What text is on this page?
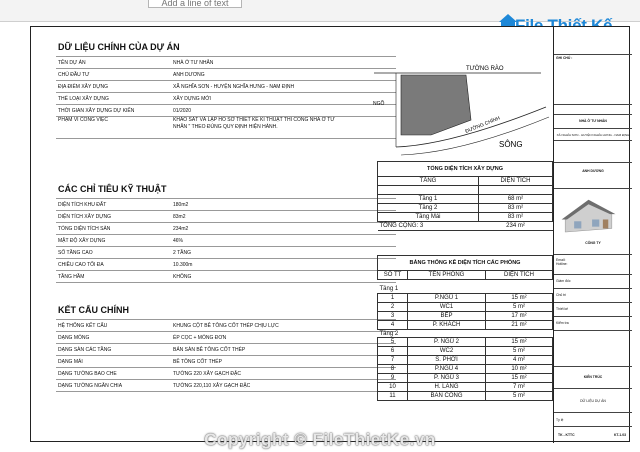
Add a line of text
DỮ LIỆU CHÍNH CỦA DỰ ÁN
TÊN DỰ ÁN	NHÀ Ở TƯ NHÂN
CHỦ ĐẦU TƯ	ANH DƯƠNG
ĐỊA ĐIỂM XÂY DỰNG	XÃ NGHĨA SƠN - HUYỆN NGHĨA HƯNG - NAM ĐỊNH
THỂ LOẠI XÂY DỰNG	XÂY DỰNG MỚI
THỜI GIAN XÂY DỰNG DỰ KIẾN	01/2020
PHẠM VI CÔNG VIỆC	KHẢO SÁT VÀ LẬP HỒ SƠ THIẾT KẾ KĨ THUẬT THI CÔNG NHÀ Ở TƯ
NHÂN " THEO ĐÚNG QUY ĐỊNH HIỆN HÀNH.
CÁC CHỈ TIÊU KỸ THUẬT
DIỆN TÍCH KHU ĐẤT	180m2
DIỆN TÍCH XÂY DỰNG	83m2
TỔNG DIỆN TÍCH SÀN	234m2
MẬT ĐỘ XÂY DỰNG	46%
SỐ TẦNG CAO	2 TẦNG
CHIỀU CAO TỐI ĐA	10.300m
TẦNG HẦM	KHÔNG
KẾT CẤU CHÍNH
HỆ THỐNG KẾT CẤU	KHUNG CỘT BÊ TÔNG CỐT THÉP CHỊU LỰC
DẠNG MÓNG	ÉP CỌC + MÓNG ĐƠN
DẠNG SÀN CÁC TẦNG	BẢN SÀN BÊ TÔNG CỐT THÉP
DẠNG MÁI	BÊ TÔNG CỐT THÉP
DẠNG TƯỜNG BAO CHE	TƯỜNG 220 XÂY GẠCH ĐẶC
DẠNG TƯỜNG NGĂN CHIA	TƯỜNG 220,110 XÂY GẠCH ĐẶC
TƯỜNG RÀO
NGÕ
ĐƯỜNG CHÍNH
SÔNG
TỔNG DIỆN TÍCH XÂY DỰNG	
TẦNG	DIỆN TÍCH

Tầng 1	68 m²
Tầng 2	83 m²
Tầng Mái	83 m²
TỔNG CỘNG: 3	234 m²
BẢNG THỐNG KÊ DIỆN TÍCH CÁC PHÒNG		
SỐ TT	TÊN PHÒNG	DIỆN TÍCH

Tầng 1		
1	P.NGỦ 1	15 m²
2	WC1	5 m²
3	BẾP	17 m²
4	P. KHÁCH	21 m²
Tầng 2		
5	P. NGỦ 2	15 m²
6	WC2	5 m²
7	S. PHƠI	4 m²
8	P.NGỦ 4	10 m²
9	P. NGỦ 3	15 m²
10	H. LANG	7 m²
11	BAN CÔNG	5 m²
GHI CHÚ :
NHÀ Ở TƯ NHÂN
XÃ NGHĨA SƠN - HUYỆN NGHĨA HƯNG - NAM ĐỊNH
ANH DƯƠNG
CÔNG TY
Email:
Hotline:
Giám đốc
Chủ trì
Thiết kế
Kiểm tra
KIẾN TRÚC
DỮ LIỆU DỰ ÁN
Tỷ lệ
TK - KTTC	KT-1.03
Copyright © FileThietKe.vn
